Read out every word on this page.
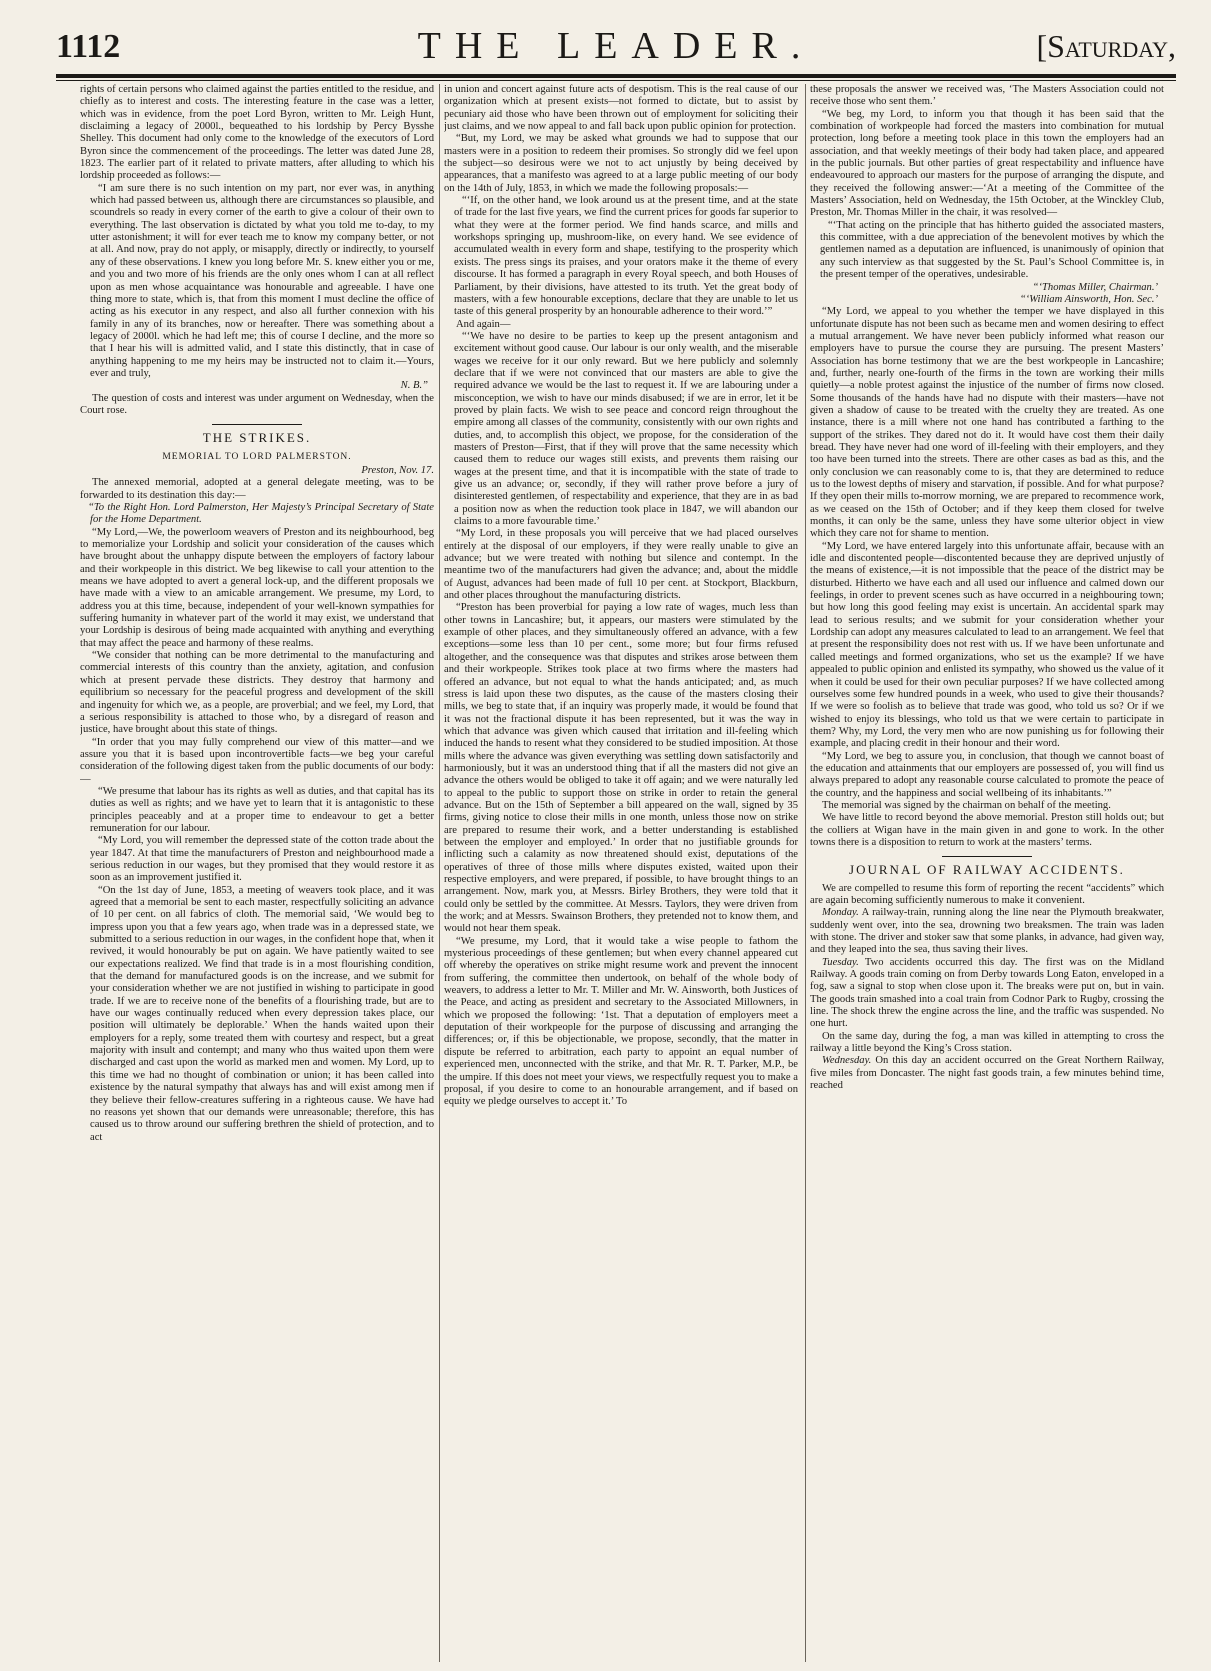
1112	THE LEADER.	[Saturday,

rights of certain persons who claimed against the parties entitled to the residue, and chiefly as to interest and costs. The interesting feature in the case was a letter, which was in evidence, from the poet Lord Byron, written to Mr. Leigh Hunt, disclaiming a legacy of 2000l., bequeathed to his lordship by Percy Bysshe Shelley. This document had only come to the knowledge of the executors of Lord Byron since the commencement of the proceedings. The letter was dated June 28, 1823. The earlier part of it related to private matters, after alluding to which his lordship proceeded as follows:—

“I am sure there is no such intention on my part, nor ever was, in anything which had passed between us, although there are circumstances so plausible, and scoundrels so ready in every corner of the earth to give a colour of their own to everything. The last observation is dictated by what you told me to-day, to my utter astonishment; it will for ever teach me to know my company better, or not at all. And now, pray do not apply, or misapply, directly or indirectly, to yourself any of these observations. I knew you long before Mr. S. knew either you or me, and you and two more of his friends are the only ones whom I can at all reflect upon as men whose acquaintance was honourable and agreeable. I have one thing more to state, which is, that from this moment I must decline the office of acting as his executor in any respect, and also all further connexion with his family in any of its branches, now or hereafter. There was something about a legacy of 2000l. which he had left me; this of course I decline, and the more so that I hear his will is admitted valid, and I state this distinctly, that in case of anything happening to me my heirs may be instructed not to claim it.—Yours, ever and truly,

N. B.”

The question of costs and interest was under argument on Wednesday, when the Court rose.

THE STRIKES.
MEMORIAL TO LORD PALMERSTON.

Preston, Nov. 17.

The annexed memorial, adopted at a general delegate meeting, was to be forwarded to its destination this day:—

“To the Right Hon. Lord Palmerston, Her Majesty’s Principal Secretary of State for the Home Department.

“My Lord,—We, the powerloom weavers of Preston and its neighbourhood, beg to memorialize your Lordship and solicit your consideration of the causes which have brought about the unhappy dispute between the employers of factory labour and their workpeople in this district. We beg likewise to call your attention to the means we have adopted to avert a general lock-up, and the different proposals we have made with a view to an amicable arrangement. We presume, my Lord, to address you at this time, because, independent of your well-known sympathies for suffering humanity in whatever part of the world it may exist, we understand that your Lordship is desirous of being made acquainted with anything and everything that may affect the peace and harmony of these realms.

“We consider that nothing can be more detrimental to the manufacturing and commercial interests of this country than the anxiety, agitation, and confusion which at present pervade these districts. They destroy that harmony and equilibrium so necessary for the peaceful progress and development of the skill and ingenuity for which we, as a people, are proverbial; and we feel, my Lord, that a serious responsibility is attached to those who, by a disregard of reason and justice, have brought about this state of things.

“In order that you may fully comprehend our view of this matter—and we assure you that it is based upon incontrovertible facts—we beg your careful consideration of the following digest taken from the public documents of our body:—

“We presume that labour has its rights as well as duties, and that capital has its duties as well as rights; and we have yet to learn that it is antagonistic to these principles peaceably and at a proper time to endeavour to get a better remuneration for our labour.

“My Lord, you will remember the depressed state of the cotton trade about the year 1847. At that time the manufacturers of Preston and neighbourhood made a serious reduction in our wages, but they promised that they would restore it as soon as an improvement justified it.

“On the 1st day of June, 1853, a meeting of weavers took place, and it was agreed that a memorial be sent to each master, respectfully soliciting an advance of 10 per cent. on all fabrics of cloth. The memorial said, ‘We would beg to impress upon you that a few years ago, when trade was in a depressed state, we submitted to a serious reduction in our wages, in the confident hope that, when it revived, it would honourably be put on again. We have patiently waited to see our expectations realized. We find that trade is in a most flourishing condition, that the demand for manufactured goods is on the increase, and we submit for your consideration whether we are not justified in wishing to participate in good trade. If we are to receive none of the benefits of a flourishing trade, but are to have our wages continually reduced when every depression takes place, our position will ultimately be deplorable.’ When the hands waited upon their employers for a reply, some treated them with courtesy and respect, but a great majority with insult and contempt; and many who thus waited upon them were discharged and cast upon the world as marked men and women. My Lord, up to this time we had no thought of combination or union; it has been called into existence by the natural sympathy that always has and will exist among men if they believe their fellow-creatures suffering in a righteous cause. We have had no reasons yet shown that our demands were unreasonable; therefore, this has caused us to throw around our suffering brethren the shield of protection, and to act

in union and concert against future acts of despotism. This is the real cause of our organization which at present exists—not formed to dictate, but to assist by pecuniary aid those who have been thrown out of employment for soliciting their just claims, and we now appeal to and fall back upon public opinion for protection.

“But, my Lord, we may be asked what grounds we had to suppose that our masters were in a position to redeem their promises. So strongly did we feel upon the subject—so desirous were we not to act unjustly by being deceived by appearances, that a manifesto was agreed to at a large public meeting of our body on the 14th of July, 1853, in which we made the following proposals:—

“‘If, on the other hand, we look around us at the present time, and at the state of trade for the last five years, we find the current prices for goods far superior to what they were at the former period. We find hands scarce, and mills and workshops springing up, mushroom-like, on every hand. We see evidence of accumulated wealth in every form and shape, testifying to the prosperity which exists. The press sings its praises, and your orators make it the theme of every discourse. It has formed a paragraph in every Royal speech, and both Houses of Parliament, by their divisions, have attested to its truth. Yet the great body of masters, with a few honourable exceptions, declare that they are unable to let us taste of this general prosperity by an honourable adherence to their word.’”

And again—

“‘We have no desire to be parties to keep up the present antagonism and excitement without good cause. Our labour is our only wealth, and the miserable wages we receive for it our only reward. But we here publicly and solemnly declare that if we were not convinced that our masters are able to give the required advance we would be the last to request it. If we are labouring under a misconception, we wish to have our minds disabused; if we are in error, let it be proved by plain facts. We wish to see peace and concord reign throughout the empire among all classes of the community, consistently with our own rights and duties, and, to accomplish this object, we propose, for the consideration of the masters of Preston—First, that if they will prove that the same necessity which caused them to reduce our wages still exists, and prevents them raising our wages at the present time, and that it is incompatible with the state of trade to give us an advance; or, secondly, if they will rather prove before a jury of disinterested gentlemen, of respectability and experience, that they are in as bad a position now as when the reduction took place in 1847, we will abandon our claims to a more favourable time.’

“My Lord, in these proposals you will perceive that we had placed ourselves entirely at the disposal of our employers, if they were really unable to give an advance; but we were treated with nothing but silence and contempt. In the meantime two of the manufacturers had given the advance; and, about the middle of August, advances had been made of full 10 per cent. at Stockport, Blackburn, and other places throughout the manufacturing districts.

“Preston has been proverbial for paying a low rate of wages, much less than other towns in Lancashire; but, it appears, our masters were stimulated by the example of other places, and they simultaneously offered an advance, with a few exceptions—some less than 10 per cent., some more; but four firms refused altogether, and the consequence was that disputes and strikes arose between them and their workpeople. Strikes took place at two firms where the masters had offered an advance, but not equal to what the hands anticipated; and, as much stress is laid upon these two disputes, as the cause of the masters closing their mills, we beg to state that, if an inquiry was properly made, it would be found that it was not the fractional dispute it has been represented, but it was the way in which that advance was given which caused that irritation and ill-feeling which induced the hands to resent what they considered to be studied imposition. At those mills where the advance was given everything was settling down satisfactorily and harmoniously, but it was an understood thing that if all the masters did not give an advance the others would be obliged to take it off again; and we were naturally led to appeal to the public to support those on strike in order to retain the general advance. But on the 15th of September a bill appeared on the wall, signed by 35 firms, giving notice to close their mills in one month, unless those now on strike are prepared to resume their work, and a better understanding is established between the employer and employed.’ In order that no justifiable grounds for inflicting such a calamity as now threatened should exist, deputations of the operatives of three of those mills where disputes existed, waited upon their respective employers, and were prepared, if possible, to have brought things to an arrangement. Now, mark you, at Messrs. Birley Brothers, they were told that it could only be settled by the committee. At Messrs. Taylors, they were driven from the work; and at Messrs. Swainson Brothers, they pretended not to know them, and would not hear them speak.

“We presume, my Lord, that it would take a wise people to fathom the mysterious proceedings of these gentlemen; but when every channel appeared cut off whereby the operatives on strike might resume work and prevent the innocent from suffering, the committee then undertook, on behalf of the whole body of weavers, to address a letter to Mr. T. Miller and Mr. W. Ainsworth, both Justices of the Peace, and acting as president and secretary to the Associated Millowners, in which we proposed the following: ‘1st. That a deputation of employers meet a deputation of their workpeople for the purpose of discussing and arranging the differences; or, if this be objectionable, we propose, secondly, that the matter in dispute be referred to arbitration, each party to appoint an equal number of experienced men, unconnected with the strike, and that Mr. R. T. Parker, M.P., be the umpire. If this does not meet your views, we respectfully request you to make a proposal, if you desire to come to an honourable arrangement, and if based on equity we pledge ourselves to accept it.’ To

these proposals the answer we received was, ‘The Masters Association could not receive those who sent them.’

“We beg, my Lord, to inform you that though it has been said that the combination of workpeople had forced the masters into combination for mutual protection, long before a meeting took place in this town the employers had an association, and that weekly meetings of their body had taken place, and appeared in the public journals. But other parties of great respectability and influence have endeavoured to approach our masters for the purpose of arranging the dispute, and they received the following answer:—‘At a meeting of the Committee of the Masters’ Association, held on Wednesday, the 15th October, at the Winckley Club, Preston, Mr. Thomas Miller in the chair, it was resolved—

“‘That acting on the principle that has hitherto guided the associated masters, this committee, with a due appreciation of the benevolent motives by which the gentlemen named as a deputation are influenced, is unanimously of opinion that any such interview as that suggested by the St. Paul’s School Committee is, in the present temper of the operatives, undesirable.

“‘Thomas Miller, Chairman.’

“‘William Ainsworth, Hon. Sec.’

“My Lord, we appeal to you whether the temper we have displayed in this unfortunate dispute has not been such as became men and women desiring to effect a mutual arrangement. We have never been publicly informed what reason our employers have to pursue the course they are pursuing. The present Masters’ Association has borne testimony that we are the best workpeople in Lancashire; and, further, nearly one-fourth of the firms in the town are working their mills quietly—a noble protest against the injustice of the number of firms now closed. Some thousands of the hands have had no dispute with their masters—have not given a shadow of cause to be treated with the cruelty they are treated. As one instance, there is a mill where not one hand has contributed a farthing to the support of the strikes. They dared not do it. It would have cost them their daily bread. They have never had one word of ill-feeling with their employers, and they too have been turned into the streets. There are other cases as bad as this, and the only conclusion we can reasonably come to is, that they are determined to reduce us to the lowest depths of misery and starvation, if possible. And for what purpose? If they open their mills to-morrow morning, we are prepared to recommence work, as we ceased on the 15th of October; and if they keep them closed for twelve months, it can only be the same, unless they have some ulterior object in view which they care not for shame to mention.

“My Lord, we have entered largely into this unfortunate affair, because with an idle and discontented people—discontented because they are deprived unjustly of the means of existence,—it is not impossible that the peace of the district may be disturbed. Hitherto we have each and all used our influence and calmed down our feelings, in order to prevent scenes such as have occurred in a neighbouring town; but how long this good feeling may exist is uncertain. An accidental spark may lead to serious results; and we submit for your consideration whether your Lordship can adopt any measures calculated to lead to an arrangement. We feel that at present the responsibility does not rest with us. If we have been unfortunate and called meetings and formed organizations, who set us the example? If we have appealed to public opinion and enlisted its sympathy, who showed us the value of it when it could be used for their own peculiar purposes? If we have collected among ourselves some few hundred pounds in a week, who used to give their thousands? If we were so foolish as to believe that trade was good, who told us so? Or if we wished to enjoy its blessings, who told us that we were certain to participate in them? Why, my Lord, the very men who are now punishing us for following their example, and placing credit in their honour and their word.

“My Lord, we beg to assure you, in conclusion, that though we cannot boast of the education and attainments that our employers are possessed of, you will find us always prepared to adopt any reasonable course calculated to promote the peace of the country, and the happiness and social wellbeing of its inhabitants.’”

The memorial was signed by the chairman on behalf of the meeting.

We have little to record beyond the above memorial. Preston still holds out; but the colliers at Wigan have in the main given in and gone to work. In the other towns there is a disposition to return to work at the masters’ terms.

JOURNAL OF RAILWAY ACCIDENTS.

We are compelled to resume this form of reporting the recent “accidents” which are again becoming sufficiently numerous to make it convenient.

Monday. A railway-train, running along the line near the Plymouth breakwater, suddenly went over, into the sea, drowning two breaksmen. The train was laden with stone. The driver and stoker saw that some planks, in advance, had given way, and they leaped into the sea, thus saving their lives.

Tuesday. Two accidents occurred this day. The first was on the Midland Railway. A goods train coming on from Derby towards Long Eaton, enveloped in a fog, saw a signal to stop when close upon it. The breaks were put on, but in vain. The goods train smashed into a coal train from Codnor Park to Rugby, crossing the line. The shock threw the engine across the line, and the traffic was suspended. No one hurt.

On the same day, during the fog, a man was killed in attempting to cross the railway a little beyond the King’s Cross station.

Wednesday. On this day an accident occurred on the Great Northern Railway, five miles from Doncaster. The night fast goods train, a few minutes behind time, reached
